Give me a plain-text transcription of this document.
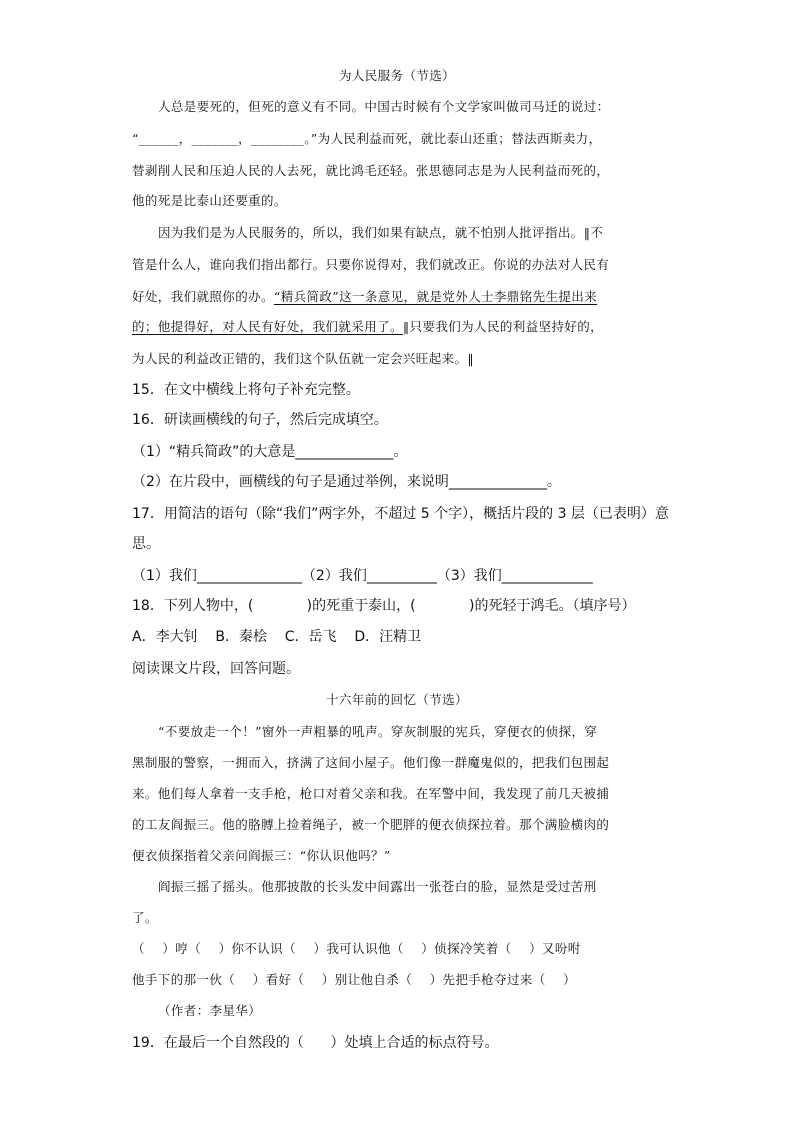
为人民服务（节选）
人总是要死的，但死的意义有不同。中国古时候有个文学家叫做司马迁的说过：
“______，_______，________。”为人民利益而死，就比泰山还重；替法西斯卖力，
替剥削人民和压迫人民的人去死，就比鸿毛还轻。张思德同志是为人民利益而死的，
他的死是比泰山还要重的。
因为我们是为人民服务的，所以，我们如果有缺点，就不怕别人批评指出。‖不
管是什么人，谁向我们指出都行。只要你说得对，我们就改正。你说的办法对人民有
好处，我们就照你的办。“精兵简政”这一条意见，就是党外人士李鼎铭先生提出来
的；他提得好，对人民有好处，我们就采用了。‖只要我们为人民的利益坚持好的，
为人民的利益改正错的，我们这个队伍就一定会兴旺起来。‖
15．在文中横线上将句子补充完整。
16．研读画横线的句子，然后完成填空。
（1）“精兵简政”的大意是______________。
（2）在片段中，画横线的句子是通过举例，来说明______________。
17．用简洁的语句（除“我们”两字外，不超过 5 个字），概括片段的 3 层（已表明）意
思。
（1）我们_______________（2）我们__________（3）我们_____________
18．下列人物中，(            )的死重于泰山，(            )的死轻于鸿毛。（填序号）
A．李大钊    B．秦桧    C．岳飞    D．汪精卫
阅读课文片段，回答问题。
十六年前的回忆（节选）
“不要放走一个！”窗外一声粗暴的吼声。穿灰制服的宪兵，穿便衣的侦探，穿
黑制服的警察，一拥而入，挤满了这间小屋子。他们像一群魔鬼似的，把我们包围起
来。他们每人拿着一支手枪，枪口对着父亲和我。在军警中间，我发现了前几天被捕
的工友阎振三。他的胳膊上捡着绳子，被一个肥胖的便衣侦探拉着。那个满脸横肉的
便衣侦探指着父亲问阎振三：“你认识他吗？”
阎振三摇了摇头。他那披散的长头发中间露出一张苍白的脸，显然是受过苦刑
了。
（    ）哼（    ）你不认识（    ）我可认识他（    ）侦探冷笑着（    ）又吩咐
他手下的那一伙（    ）看好（    ）别让他自杀（    ）先把手枪夺过来（    ）
（作者：李星华）
19．在最后一个自然段的（      ）处填上合适的标点符号。
